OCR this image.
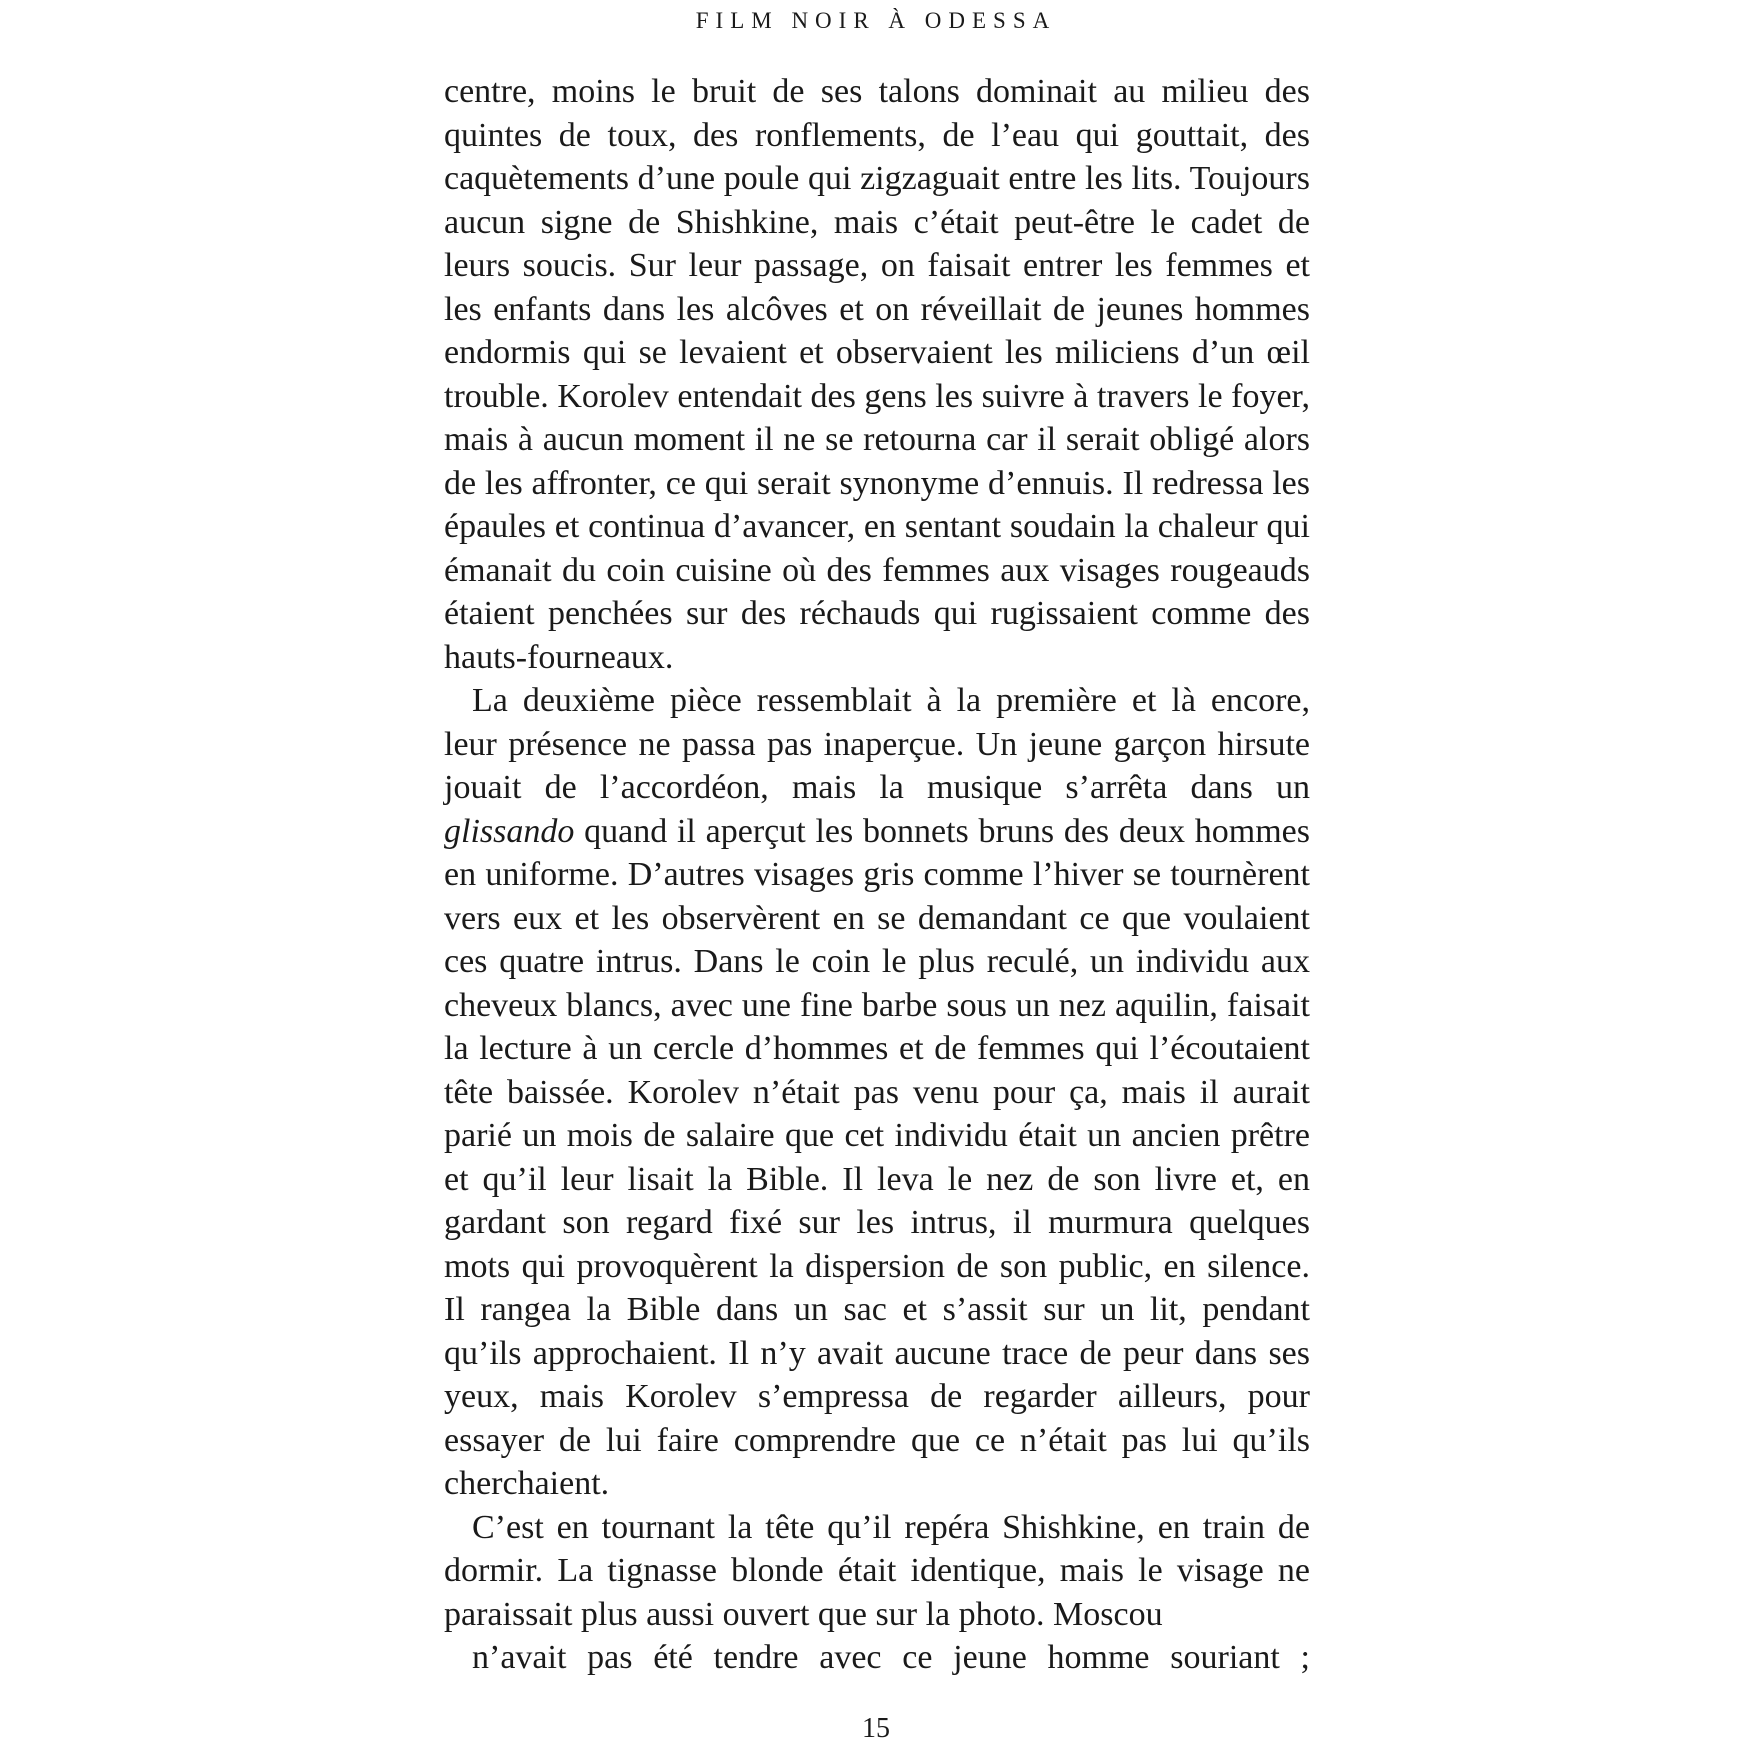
FILM NOIR À ODESSA

centre, moins le bruit de ses talons dominait au milieu des quintes de toux, des ronflements, de l’eau qui gouttait, des caquètements d’une poule qui zigzaguait entre les lits. Toujours aucun signe de Shishkine, mais c’était peut-être le cadet de leurs soucis. Sur leur passage, on faisait entrer les femmes et les enfants dans les alcôves et on réveillait de jeunes hommes endormis qui se levaient et observaient les miliciens d’un œil trouble. Korolev entendait des gens les suivre à travers le foyer, mais à aucun moment il ne se retourna car il serait obligé alors de les affronter, ce qui serait synonyme d’ennuis. Il redressa les épaules et continua d’avancer, en sentant soudain la chaleur qui émanait du coin cuisine où des femmes aux visages rougeauds étaient penchées sur des réchauds qui rugissaient comme des hauts-fourneaux.

La deuxième pièce ressemblait à la première et là encore, leur présence ne passa pas inaperçue. Un jeune garçon hirsute jouait de l’accordéon, mais la musique s’arrêta dans un glissando quand il aperçut les bonnets bruns des deux hommes en uniforme. D’autres visages gris comme l’hiver se tournèrent vers eux et les observèrent en se demandant ce que voulaient ces quatre intrus. Dans le coin le plus reculé, un individu aux cheveux blancs, avec une fine barbe sous un nez aquilin, faisait la lecture à un cercle d’hommes et de femmes qui l’écoutaient tête baissée. Korolev n’était pas venu pour ça, mais il aurait parié un mois de salaire que cet individu était un ancien prêtre et qu’il leur lisait la Bible. Il leva le nez de son livre et, en gardant son regard fixé sur les intrus, il murmura quelques mots qui provoquèrent la dispersion de son public, en silence. Il rangea la Bible dans un sac et s’assit sur un lit, pendant qu’ils approchaient. Il n’y avait aucune trace de peur dans ses yeux, mais Korolev s’empressa de regarder ailleurs, pour essayer de lui faire comprendre que ce n’était pas lui qu’ils cherchaient.

C’est en tournant la tête qu’il repéra Shishkine, en train de dormir. La tignasse blonde était identique, mais le visage ne paraissait plus aussi ouvert que sur la photo. Moscou
n’avait pas été tendre avec ce jeune homme souriant ;

15
